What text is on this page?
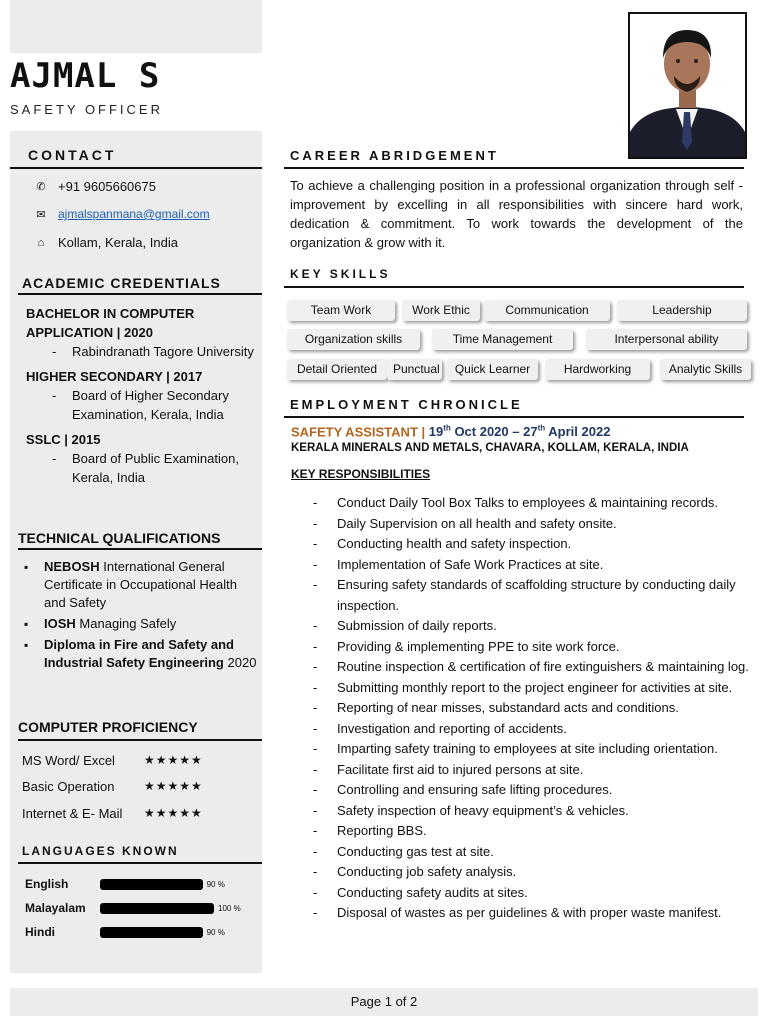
AJMAL S
SAFETY OFFICER
CONTACT
✆ +91 9605660675
✉	ajmalspanmana@gmail.com
⌂	Kollam, Kerala, India
ACADEMIC CREDENTIALS
BACHELOR IN COMPUTER APPLICATION | 2020
- Rabindranath Tagore University
HIGHER SECONDARY | 2017
- Board of Higher Secondary Examination, Kerala, India
SSLC | 2015
- Board of Public Examination, Kerala, India
TECHNICAL QUALIFICATIONS
▪ NEBOSH International General Certificate in Occupational Health and Safety
▪ IOSH Managing Safely
▪ Diploma in Fire and Safety and Industrial Safety Engineering 2020
COMPUTER PROFICIENCY
MS Word/ Excel	★★★★★
Basic Operation	★★★★★
Internet & E- Mail	★★★★★
LANGUAGES KNOWN
English	90 %
Malayalam	100 %
Hindi	90 %
CAREER ABRIDGEMENT
To achieve a challenging position in a professional organization through self - improvement by excelling in all responsibilities with sincere hard work, dedication & commitment. To work towards the development of the organization & grow with it.
KEY SKILLS
Team Work	Work Ethic	Communication	Leadership
Organization skills	Time Management	Interpersonal ability
Detail Oriented	Punctual	Quick Learner	Hardworking	Analytic Skills
EMPLOYMENT CHRONICLE
SAFETY ASSISTANT | 19th Oct 2020 – 27th April 2022
KERALA MINERALS AND METALS, CHAVARA, KOLLAM, KERALA, INDIA
KEY RESPONSIBILITIES
- Conduct Daily Tool Box Talks to employees & maintaining records.
- Daily Supervision on all health and safety onsite.
- Conducting health and safety inspection.
- Implementation of Safe Work Practices at site.
- Ensuring safety standards of scaffolding structure by conducting daily inspection.
- Submission of daily reports.
- Providing & implementing PPE to site work force.
- Routine inspection & certification of fire extinguishers & maintaining log.
- Submitting monthly report to the project engineer for activities at site.
- Reporting of near misses, substandard acts and conditions.
- Investigation and reporting of accidents.
- Imparting safety training to employees at site including orientation.
- Facilitate first aid to injured persons at site.
- Controlling and ensuring safe lifting procedures.
- Safety inspection of heavy equipment’s & vehicles.
- Reporting BBS.
- Conducting gas test at site.
- Conducting job safety analysis.
- Conducting safety audits at sites.
- Disposal of wastes as per guidelines & with proper waste manifest.
Page 1 of 2
